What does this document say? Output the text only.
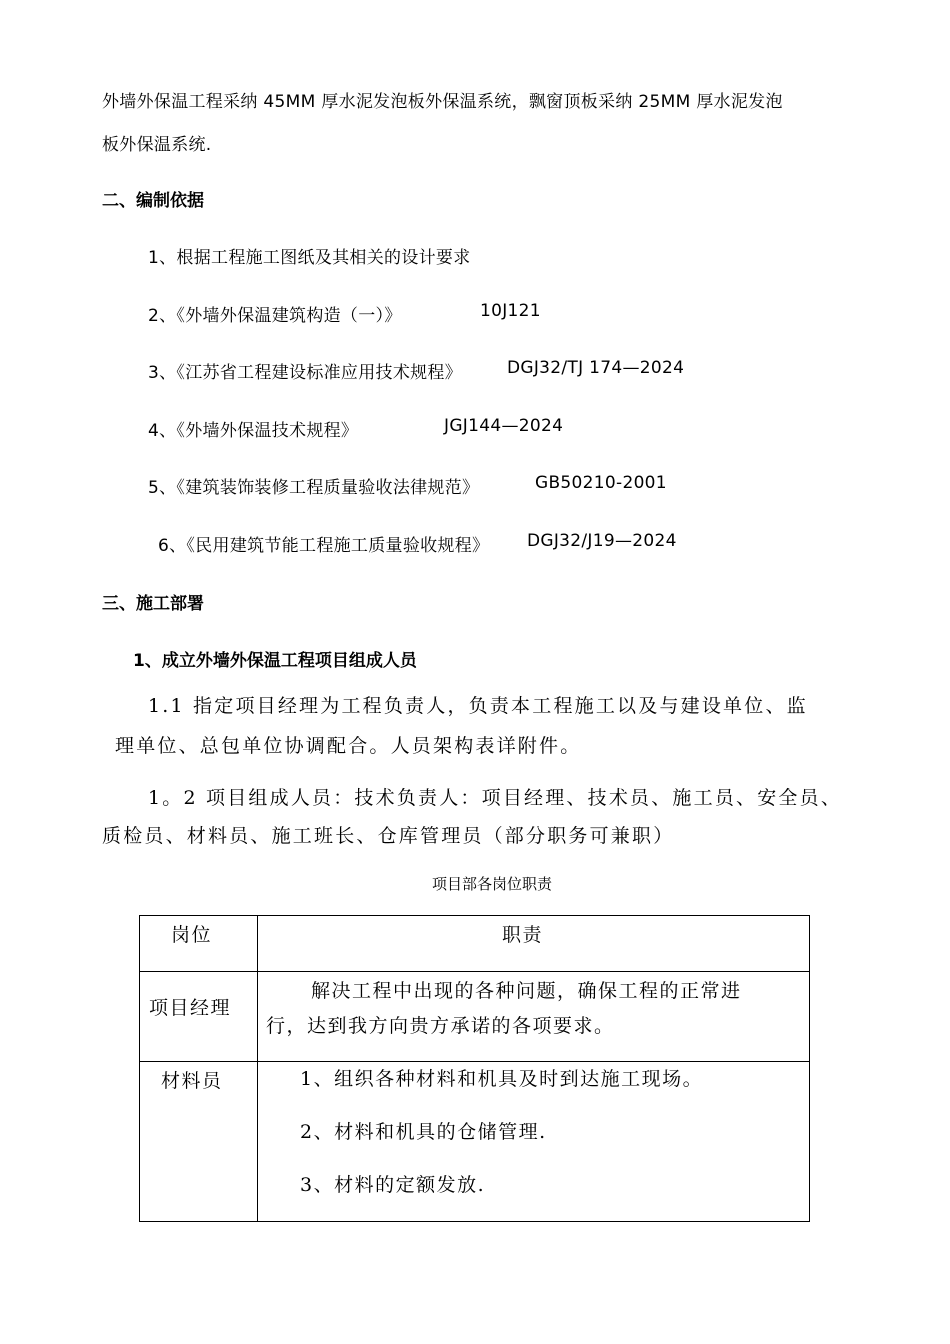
外墙外保温工程采纳 45MM 厚水泥发泡板外保温系统，飘窗顶板采纳 25MM 厚水泥发泡
板外保温系统.
二、编制依据
1、根据工程施工图纸及其相关的设计要求
2、《外墙外保温建筑构造（一）》	10J121
3、《江苏省工程建设标准应用技术规程》	DGJ32/TJ 174—2024
4、《外墙外保温技术规程》	JGJ144—2024
5、《建筑装饰装修工程质量验收法律规范》	GB50210-2001
6、《民用建筑节能工程施工质量验收规程》 DGJ32/J19—2024
三、施工部署
1、成立外墙外保温工程项目组成人员
1.1 指定项目经理为工程负责人，负责本工程施工以及与建设单位、监
理单位、总包单位协调配合。人员架构表详附件。
1。2 项目组成人员：技术负责人：项目经理、技术员、施工员、安全员、
质检员、材料员、施工班长、仓库管理员（部分职务可兼职）
项目部各岗位职责
岗位	职责

项目经理	解决工程中出现的各种问题，确保工程的正常进
行，达到我方向贵方承诺的各项要求。

材料员	1、组织各种材料和机具及时到达施工现场。
2、材料和机具的仓储管理.
3、材料的定额发放.
